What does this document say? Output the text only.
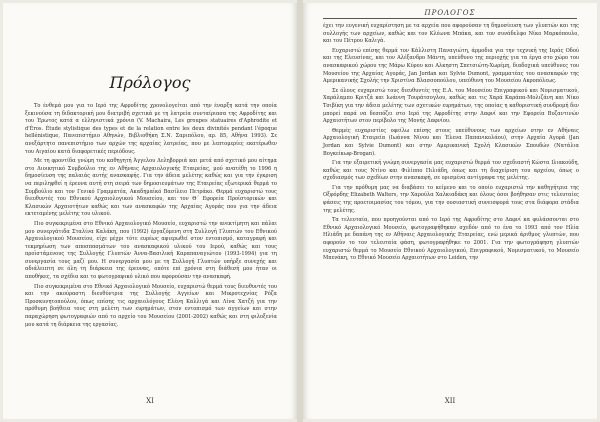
Πρόλογος

Το ένθεμά μου για το Ιερό της Αφροδίτης χρονολογείται από την έναρξη κατά την οποία ξεκινούσα τη διδακτορική μου διατριβή σχετικά με τη λατρεία συνταίριασα της Αφροδίτης και του Έρωτος κατά α ελληνιστικά χρόνια (V. Machaira, Les groupes statuaires d'Aphrodite et d'Éros. Étude stylistique des types et de la relation entre les deux divinités pendant l'époque hellénistique, Πανεπιστήμιο Αθηνών, Βιβλιοθήκη Σ.Ν. Σαριπόλου, αρ. 85, Αθήνα 1993). Σε ανεξάρτητο πανεπιστήμιο των αρχών της αρχαίας λατρείας, που με λεπτομερίες εκατέρωθεν του Αιγαίου κατά διαφορετικές περιόδους.

Με τη φροντίδα γνώμη του καθηγητή Άγγελου Δεληβορριά και μετά από σχετικό μου αίτημα στο Διοικητικό Συμβούλιο της εν Αθήναις Αρχαιολογικής Εταιρείας, μού ανατέθη το 1996 η δημοσίευση της παλαιάς αυτής ανασκαφής. Για την άδεια μελέτης καθώς και για την έγκριση να περιληφθεί η έρευνα αυτή στη σειρά των δημοσιευμάτων της Εταιρείας εξωτερικά θερμά το Συμβούλιο και τον Γενικό Γραμματέα, Ακαδημαϊκό Βασίλειο Πετράκο. Θερμά ευχαριστώ τους διευθυντές του Εθνικού Αρχαιολογικού Μουσείου, και τον Θ΄ Εφορεία Προϊστορικών και Κλασικών Αρχαιοτήτων καθώς και των ανασκαφών της Αρχαίας Αγοράς που για την άδεια εκτεταμένης μελέτης του υλικού.

Πιο συγκεκριμένα στο Εθνικό Αρχαιολογικό Μουσείο, ευχαριστώ την ανεκτίμητη και πάλαι μου συνεργάτιδα Σταλίνα Καλάκη, που (1992) έργαζόμενη στη Συλλογή Γλυπτών του Εθνικού Αρχαιολογικού Μουσείου, είχε μέχρι τότε ευρέως αφιερωθεί στον εντοπισμό, καταγραφή και τεκμηρίωση των αποσπασμάτων του ανασκαφικού υλικού του Ιερού, καθώς και τους προϊστάμενους της Συλλογής Γλυπτών Άννα-Βασιλική Καραπαναγιώτου (1993-1994) για τη συνεργασία τους μαζί μου. Η συνεργασία μου με τη Συλλογή Γλυπτών υπήρξε συνεχής και αδιάλειπτη σε όλη τη διάρκεια της έρευνας, οπότε επί χρόνια στη διάθεσή μου ήταν οι αποθήκες, τα σχέδια και το φωτογραφικό υλικό που αφορούσαν την ανασκαφή.

Πιο συγκεκριμένα στο Εθνικό Αρχαιολογικό Μουσείο, ευχαριστώ θερμά τους διευθυντές του και την ακούραστη διευθύντρια της Συλλογής Αγγείων και Μικροτεχνίας Ρόζα Προσκυνητοπούλου, όπως επίσης τις αρχαιολόγους Ελένη Καλλιγά και Λίνα Χατζή για την πρόθυμη βοήθεια τους στη μελέτη των ευρημάτων, στον εντοπισμό των αγγείων και στην παραχώρηση φωτογραφιών από το αρχείο του Μουσείου (2001-2002) καθώς και στη φιλοξενία μου κατά τη διάρκεια της εργασίας.

XI
ΠΡΟΛΟΓΟΣ

έχει την ευγενική ευχαρίστηση με τα αρχεία που αφορούσαν τη δημοσίευση των γλυπτών και της συλλογής των αρχείων, καθώς και τον Κλέωνα Μπάκα, και τον συνάδελφο Νίκο Μαρκόπουλο, και του Πέτρου Καλιγά.

Ευχαριστώ επίσης θερμά τον Κάλλιστη Παναγιώτη, άρμοδια για την τεχνική της Ιεράς Οδού και της Ελευσίνας, και τον Αλέξανδρο Μάντη, υπεύθυνο της περιοχής για τα έργα στο χώρο του ανασκαφικού χώρου της Μάρω Κύρου και Αλκηστη Σπετσιώτη-Χωρέμη, διαδοχικά υπεύθυνες του Μουσείου της Αρχαίας Αγοράς, Jan Jordan και Sylvie Dumont, γραμματέας του ανασκαφών της Αμερικανικής Σχολής την Χριστίνα Βλασσοπούλου, υπεύθυνη του Μουσείου Ακροπόλεως.

Σε όλους ευχαριστώ τους διευθυντές της Ε.Α. του Μουσείου Επιγραφικού και Νομισματικού, Χαράλαμπο Κριτζά και Ιωάννη Τουράτσογλου, καθώς και τις Χαρά Καράπα-Μολιζάνη και Νίκο Τσιβίκη για την άδεια μελέτης των σχετικών ευρημάτων, της οποίας η καθοριστική συνδρομή δεν μπορεί παρά να δεσπόζει στο Ιερό της Αφροδίτης στην Δαφνί και την Εφορεία Βυζαντινών Αρχαιοτήτων στον περίβολο της Μονής Δαφνίου.

Θερμές ευχαριστίες οφείλω επίσης στους υπεύθυνους των αρχείων στην εν Αθήναις Αρχαιολογική Εταιρεία (Ιωάννα Νίνου και Έλενα Παπανικολάου), στην Αρχαία Αγορά (Jan Jordan και Sylvie Dumont) και στην Αμερικανική Σχολή Κλασικών Σπουδών (Νατάλια Βογκείκωφ-Brogan).

Για την εξαιρετική γνώμη συνεργασία μας ευχαριστώ θερμά τον σχεδιαστή Κώστα Ιλιακούδη, καθώς και τους Ντίνο και Φιλίππο Πιλιάδη, όπως και τη διαχείριση του αρχείου, όπως ο σχεδιασμός των σχεδίων στην ανασκαφή, σε ορισμένα αντίγραφα της μελέτης.

Για την πρόθυμη μας να διαβάσει το κείμενο και το οποίο ευχαριστώ την καθηγήτρια της Οξφόρδης Elizabeth Walters, την Χαρούλα Χαλκιαδάκη και όλους όσοι βοήθησαν στις τελευταίες φάσεις της προετοιμασίας του τόμου, για την ουσιαστική συνεισφορά τους στα διάφορα στάδια της μελέτης.

Τα τελευταία, που προηγούνται από το Ιερό της Αφροδίτης στο Δαφνί κα φυλάσσονται στο Εθνικό Αρχαιολογικό Μουσείο, φωτογραφήθηκαν σχεδόν από το ένα το 1993 από τον Ηλία Ηλιάδη με δαπάνη της εν Αθήναις Αρχαιολογικής Εταιρείας, ενώ μερικά άριθμος γλυπτών, που αφορούν το τον τελευταία φάση, φωτογραφήθηκε το 2001. Για την φωτογράφηση γλυπτών ευχαριστώ θερμά το Μουσείο Εθνικού Αρχαιολογικού, Επιγραφικού, Νομισματικού, το Μουσείο Μπενάκη, το Εθνικό Μουσείο Αρχαιοτήτων στο Leiden, την

XII
